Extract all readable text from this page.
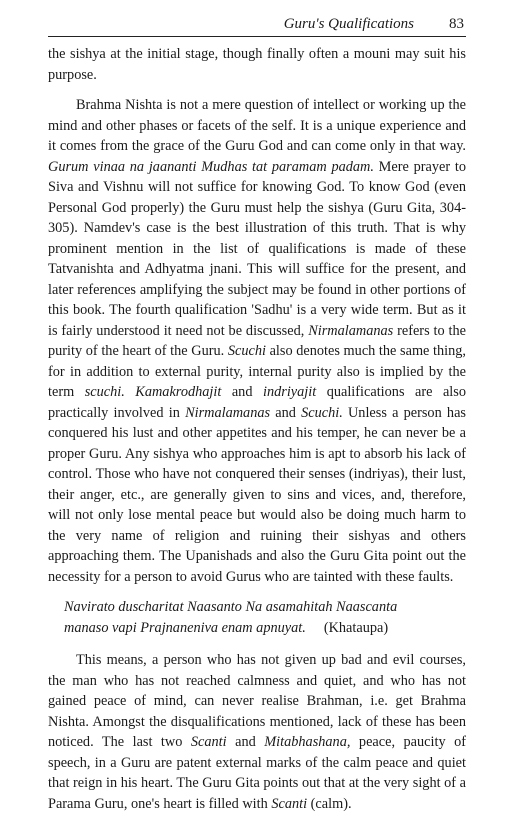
Guru's Qualifications 83

the sishya at the initial stage, though finally often a mouni may suit his purpose.

Brahma Nishta is not a mere question of intellect or working up the mind and other phases or facets of the self. It is a unique experience and it comes from the grace of the Guru God and can come only in that way. Gurum vinaa na jaananti Mudhas tat paramam padam. Mere prayer to Siva and Vishnu will not suffice for knowing God. To know God (even Personal God properly) the Guru must help the sishya (Guru Gita, 304-305). Namdev's case is the best illustration of this truth. That is why prominent mention in the list of qualifications is made of these Tatvanishta and Adhyatma jnani. This will suffice for the present, and later references amplifying the subject may be found in other portions of this book. The fourth qualification 'Sadhu' is a very wide term. But as it is fairly understood it need not be discussed, Nirmalamanas refers to the purity of the heart of the Guru. Scuchi also denotes much the same thing, for in addition to external purity, internal purity also is implied by the term scuchi. Kamakrodhajit and indriyajit qualifications are also practically involved in Nirmalamanas and Scuchi. Unless a person has conquered his lust and other appetites and his temper, he can never be a proper Guru. Any sishya who approaches him is apt to absorb his lack of control. Those who have not conquered their senses (indriyas), their lust, their anger, etc., are generally given to sins and vices, and, therefore, will not only lose mental peace but would also be doing much harm to the very name of religion and ruining their sishyas and others approaching them. The Upanishads and also the Guru Gita point out the necessity for a person to avoid Gurus who are tainted with these faults.

Navirato duscharitat Naasanto Na asamahitah Naascanta
manaso vapi Prajnaneniva enam apnuyat. (Khataupa)

This means, a person who has not given up bad and evil courses, the man who has not reached calmness and quiet, and who has not gained peace of mind, can never realise Brahman, i.e. get Brahma Nishta. Amongst the disqualifications mentioned, lack of these has been noticed. The last two Scanti and Mitabhashana, peace, paucity of speech, in a Guru are patent external marks of the calm peace and quiet that reign in his heart. The Guru Gita points out that at the very sight of a Parama Guru, one's heart is filled with Scanti (calm).
